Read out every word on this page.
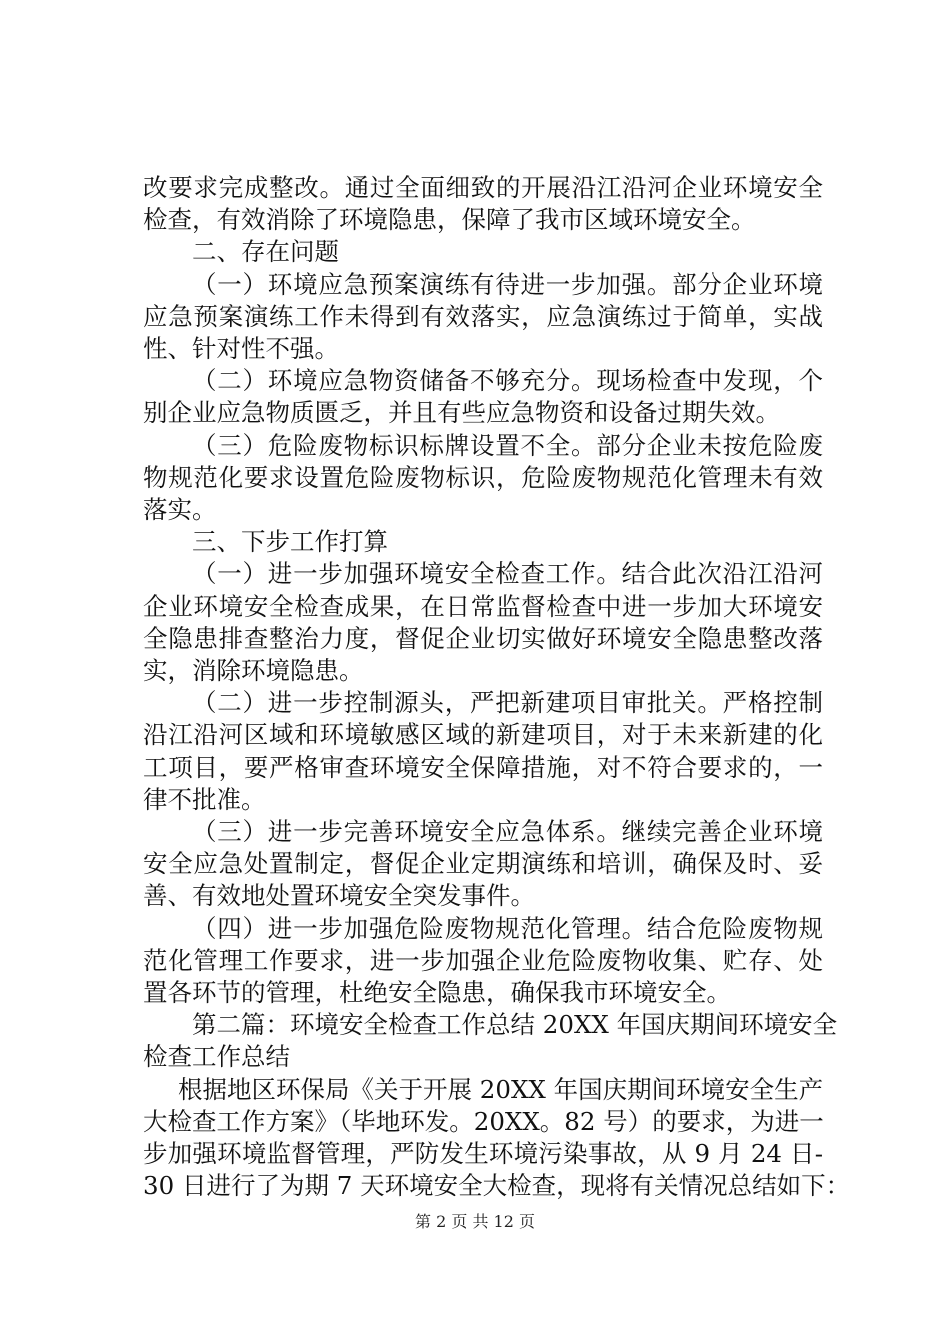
改要求完成整改。通过全面细致的开展沿江沿河企业环境安全
检查，有效消除了环境隐患，保障了我市区域环境安全。
二、存在问题
（一）环境应急预案演练有待进一步加强。部分企业环境
应急预案演练工作未得到有效落实，应急演练过于简单，实战
性、针对性不强。
（二）环境应急物资储备不够充分。现场检查中发现，个
别企业应急物质匮乏，并且有些应急物资和设备过期失效。
（三）危险废物标识标牌设置不全。部分企业未按危险废
物规范化要求设置危险废物标识，危险废物规范化管理未有效
落实。
三、下步工作打算
（一）进一步加强环境安全检查工作。结合此次沿江沿河
企业环境安全检查成果，在日常监督检查中进一步加大环境安
全隐患排查整治力度，督促企业切实做好环境安全隐患整改落
实，消除环境隐患。
（二）进一步控制源头，严把新建项目审批关。严格控制
沿江沿河区域和环境敏感区域的新建项目，对于未来新建的化
工项目，要严格审查环境安全保障措施，对不符合要求的，一
律不批准。
（三）进一步完善环境安全应急体系。继续完善企业环境
安全应急处置制定，督促企业定期演练和培训，确保及时、妥
善、有效地处置环境安全突发事件。
（四）进一步加强危险废物规范化管理。结合危险废物规
范化管理工作要求，进一步加强企业危险废物收集、贮存、处
置各环节的管理，杜绝安全隐患，确保我市环境安全。
第二篇：环境安全检查工作总结 20XX 年国庆期间环境安全
检查工作总结
根据地区环保局《关于开展 20XX 年国庆期间环境安全生产
大检查工作方案》（毕地环发。20XX。82 号）的要求，为进一
步加强环境监督管理，严防发生环境污染事故，从 9 月 24 日-
30 日进行了为期 7 天环境安全大检查，现将有关情况总结如下：
第 2 页 共 12 页
